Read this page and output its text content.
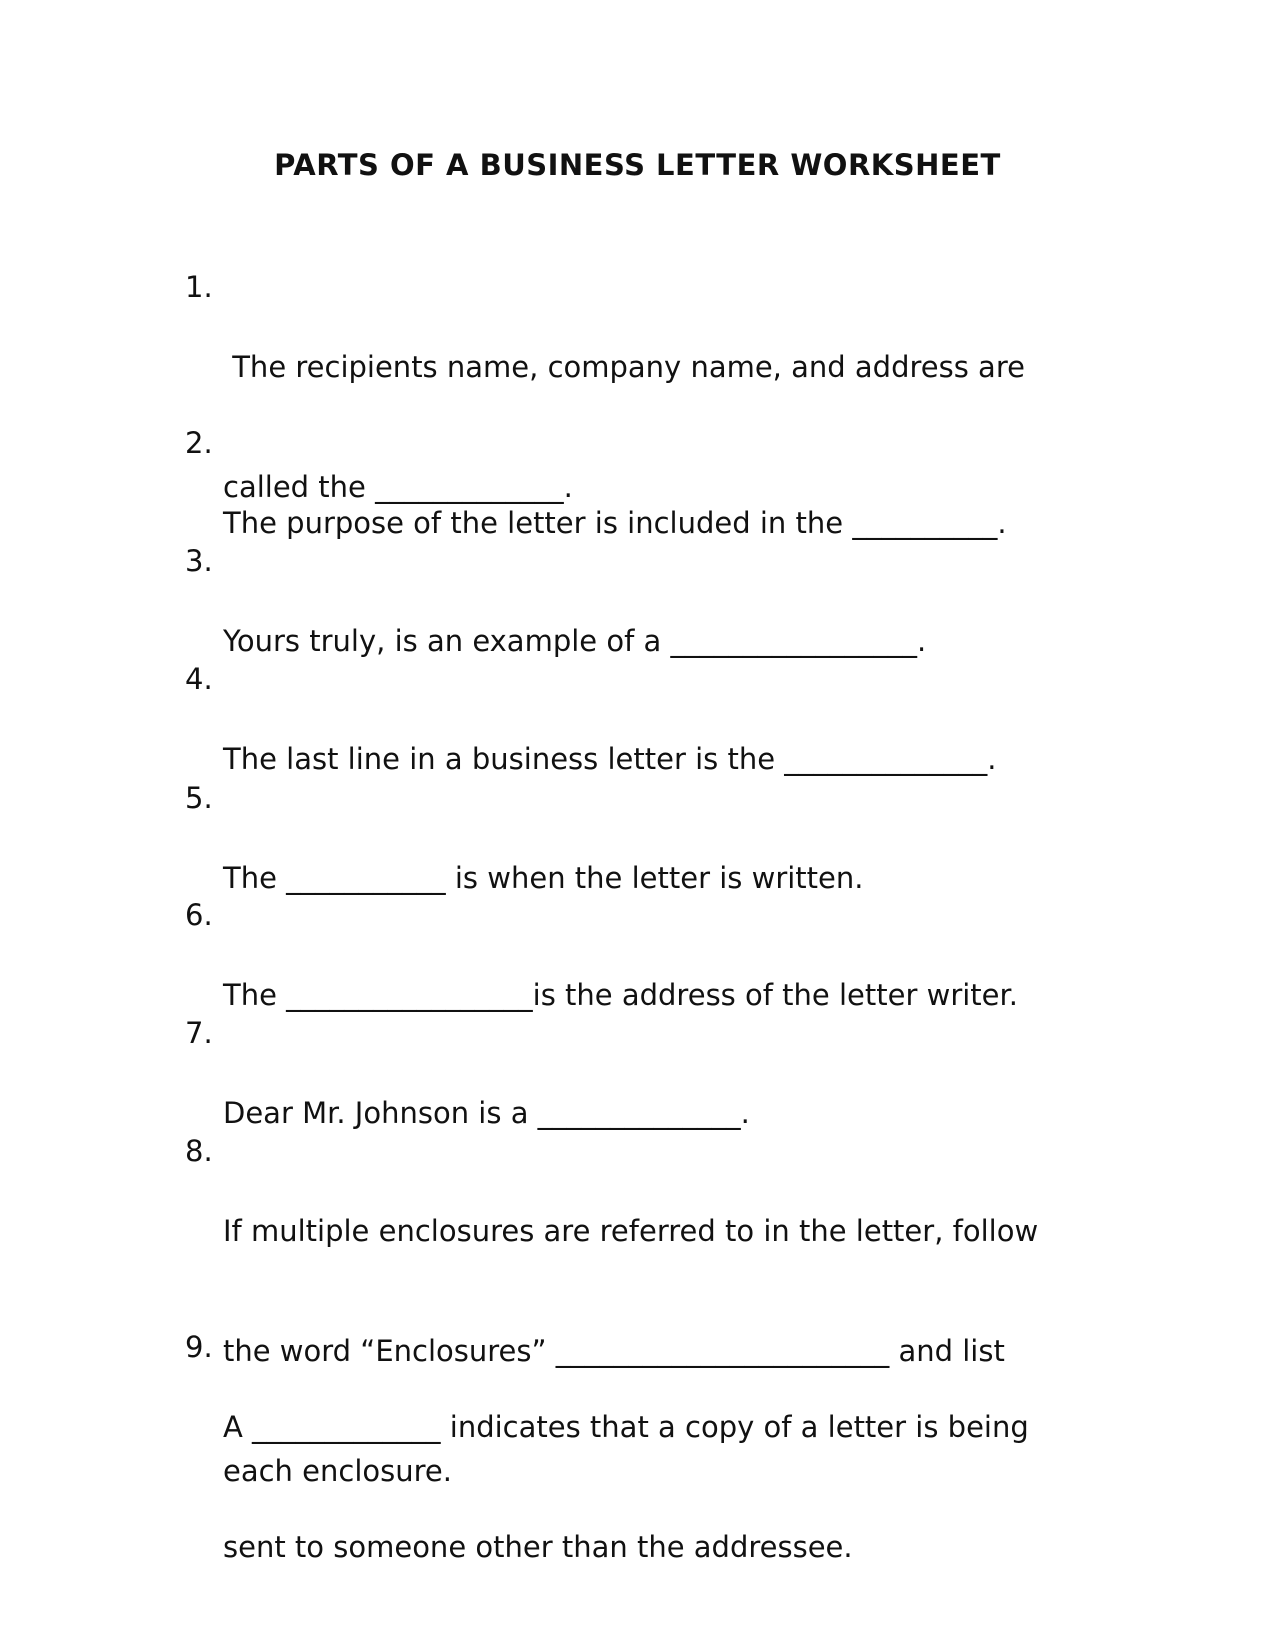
PARTS OF A BUSINESS LETTER WORKSHEET
1.

The recipients name, company name, and address are

called the _____________.

2.

The purpose of the letter is included in the __________.

3.

Yours truly, is an example of a _________________.

4.

The last line in a business letter is the ______________.

5.

The ___________ is when the letter is written.

6.

The _________________is the address of the letter writer.

7.

Dear Mr. Johnson is a ______________.

8.

If multiple enclosures are referred to in the letter, follow

the word “Enclosures” _______________________ and list

each enclosure.

9.

A _____________ indicates that a copy of a letter is being

sent to someone other than the addressee.
